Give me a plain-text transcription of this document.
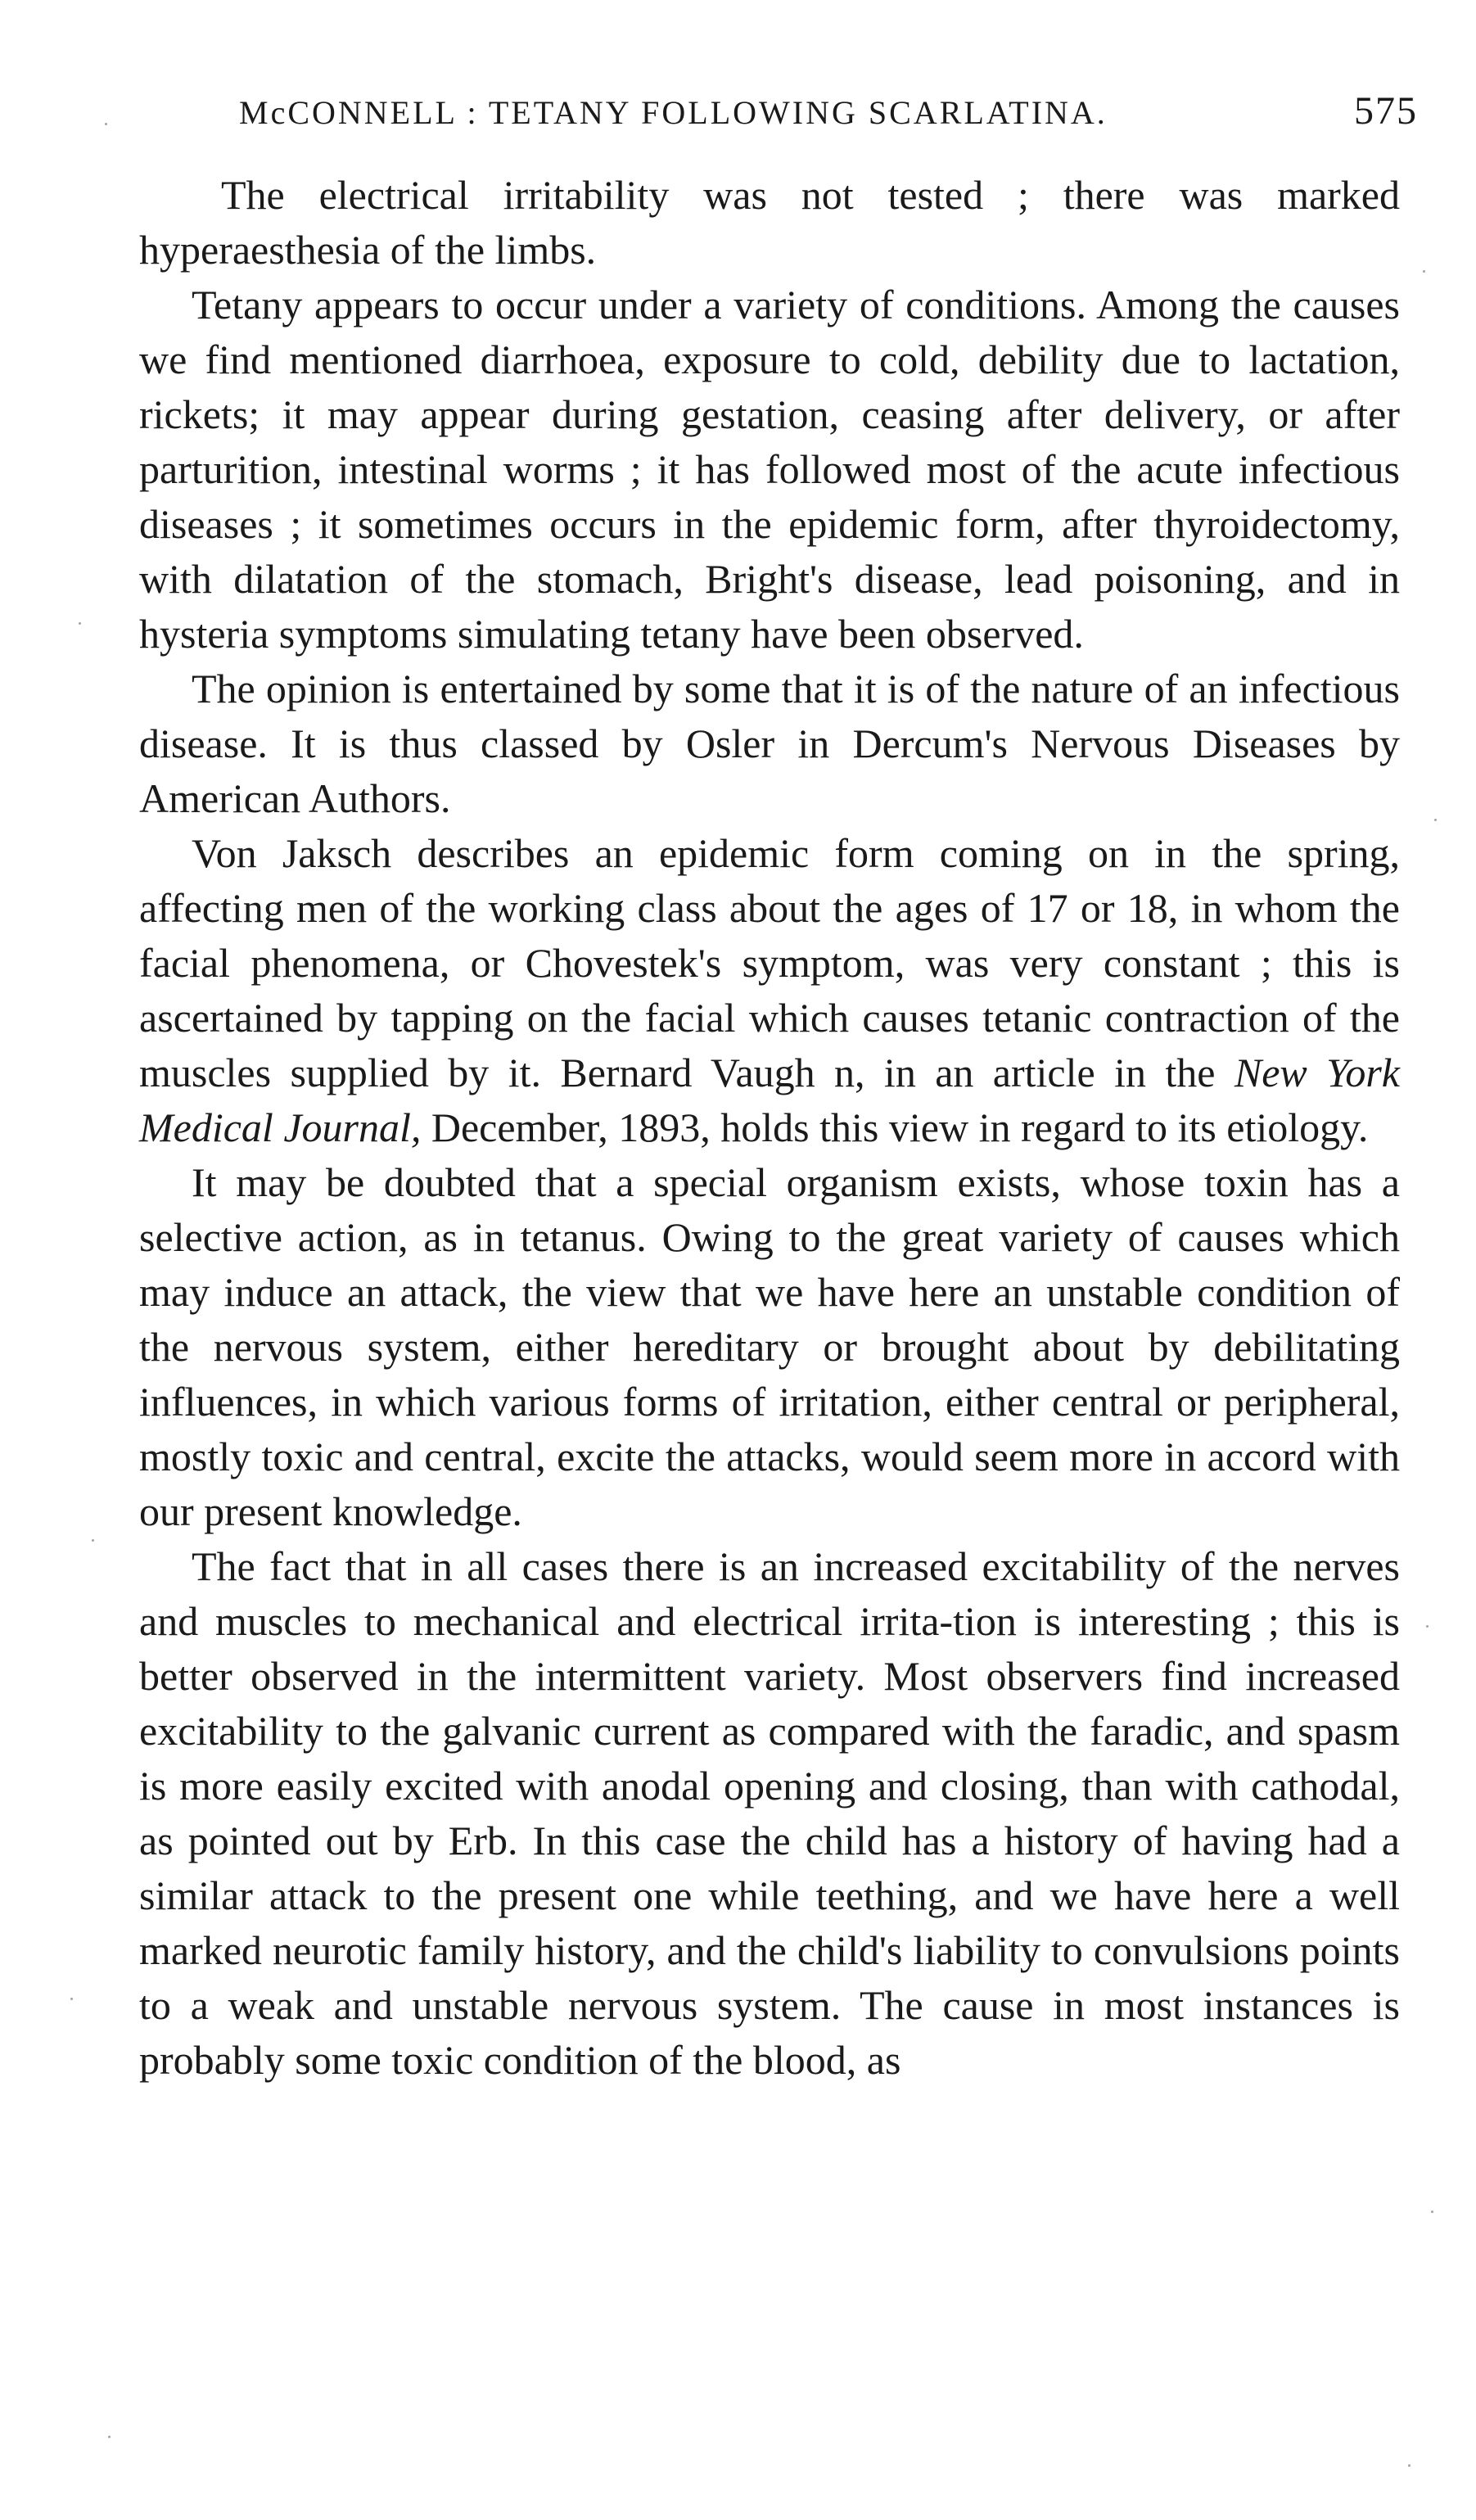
McCONNELL : TETANY FOLLOWING SCARLATINA.	575

The electrical irritability was not tested ; there was marked hyperaesthesia of the limbs.

Tetany appears to occur under a variety of conditions. Among the causes we find mentioned diarrhoea, exposure to cold, debility due to lactation, rickets; it may appear during gestation, ceasing after delivery, or after parturition, intestinal worms ; it has followed most of the acute infectious diseases ; it sometimes occurs in the epidemic form, after thyroidectomy, with dilatation of the stomach, Bright's disease, lead poisoning, and in hysteria symptoms simulating tetany have been observed.

The opinion is entertained by some that it is of the nature of an infectious disease. It is thus classed by Osler in Dercum's Nervous Diseases by American Authors.

Von Jaksch describes an epidemic form coming on in the spring, affecting men of the working class about the ages of 17 or 18, in whom the facial phenomena, or Chovestek's symptom, was very constant ; this is ascertained by tapping on the facial which causes tetanic contraction of the muscles supplied by it. Bernard Vaugh n, in an article in the New York Medical Journal, December, 1893, holds this view in regard to its etiology.

It may be doubted that a special organism exists, whose toxin has a selective action, as in tetanus. Owing to the great variety of causes which may induce an attack, the view that we have here an unstable condition of the nervous system, either hereditary or brought about by debilitating influences, in which various forms of irritation, either central or peripheral, mostly toxic and central, excite the attacks, would seem more in accord with our present knowledge.

The fact that in all cases there is an increased excitability of the nerves and muscles to mechanical and electrical irrita-tion is interesting ; this is better observed in the intermittent variety. Most observers find increased excitability to the galvanic current as compared with the faradic, and spasm is more easily excited with anodal opening and closing, than with cathodal, as pointed out by Erb. In this case the child has a history of having had a similar attack to the present one while teething, and we have here a well marked neurotic family history, and the child's liability to convulsions points to a weak and unstable nervous system. The cause in most instances is probably some toxic condition of the blood, as
